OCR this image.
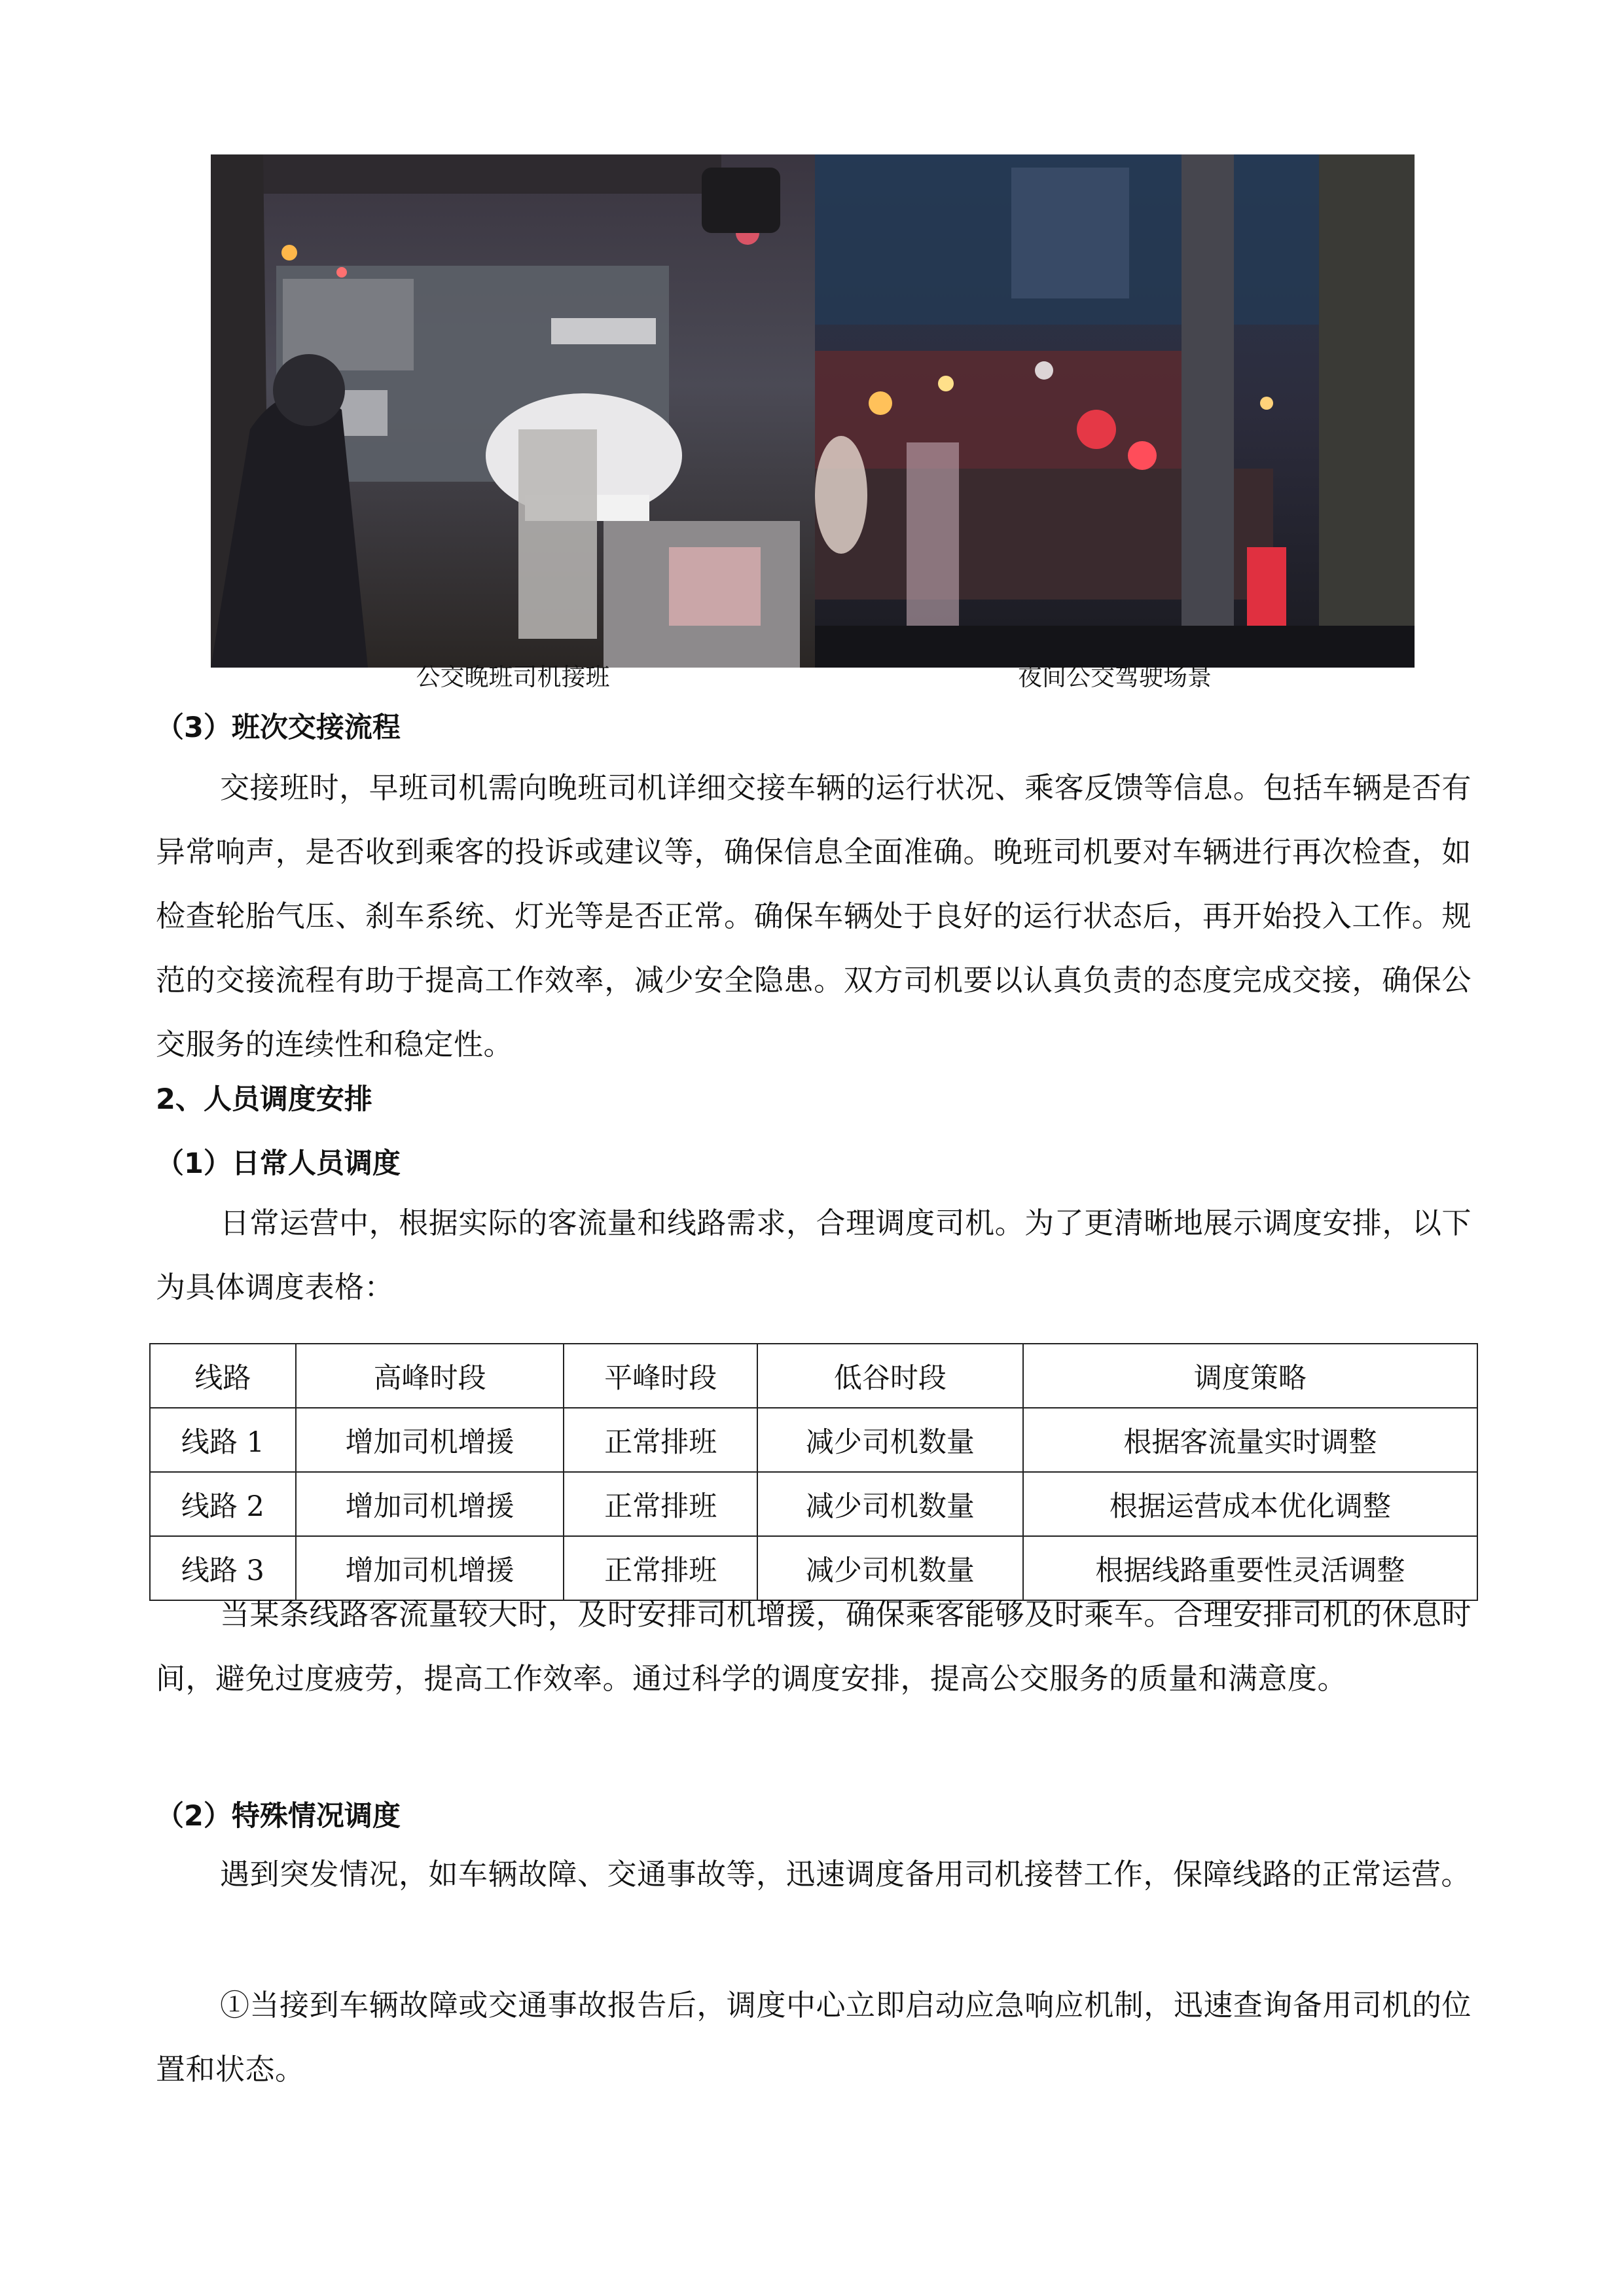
公交晚班司机接班	夜间公交驾驶场景
（3）班次交接流程
交接班时，早班司机需向晚班司机详细交接车辆的运行状况、乘客反馈等信息。包括车辆是否有异常响声，是否收到乘客的投诉或建议等，确保信息全面准确。晚班司机要对车辆进行再次检查，如检查轮胎气压、刹车系统、灯光等是否正常。确保车辆处于良好的运行状态后，再开始投入工作。规范的交接流程有助于提高工作效率，减少安全隐患。双方司机要以认真负责的态度完成交接，确保公交服务的连续性和稳定性。
2、人员调度安排
（1）日常人员调度
日常运营中，根据实际的客流量和线路需求，合理调度司机。为了更清晰地展示调度安排，以下为具体调度表格：
线路	高峰时段	平峰时段	低谷时段	调度策略
线路 1	增加司机增援	正常排班	减少司机数量	根据客流量实时调整
线路 2	增加司机增援	正常排班	减少司机数量	根据运营成本优化调整
线路 3	增加司机增援	正常排班	减少司机数量	根据线路重要性灵活调整
当某条线路客流量较大时，及时安排司机增援，确保乘客能够及时乘车。合理安排司机的休息时间，避免过度疲劳，提高工作效率。通过科学的调度安排，提高公交服务的质量和满意度。
（2）特殊情况调度
遇到突发情况，如车辆故障、交通事故等，迅速调度备用司机接替工作，保障线路的正常运营。
①当接到车辆故障或交通事故报告后，调度中心立即启动应急响应机制，迅速查询备用司机的位置和状态。
